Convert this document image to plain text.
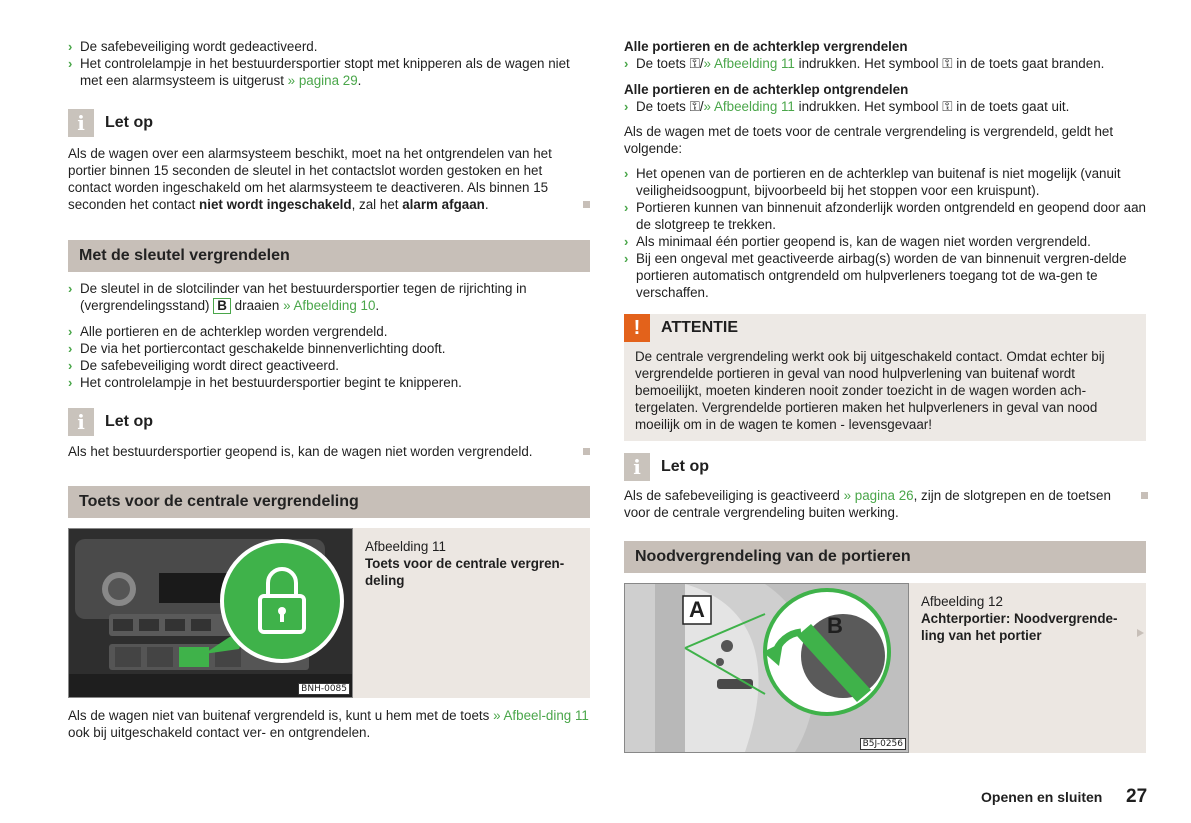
› De safebeveiliging wordt gedeactiveerd.
› Het controlelampje in het bestuurdersportier stopt met knipperen als de wagen niet met een alarmsysteem is uitgerust » pagina 29.
i	Let op

Als de wagen over een alarmsysteem beschikt, moet na het ontgrendelen van het portier binnen 15 seconden de sleutel in het contactslot worden gestoken en het contact worden ingeschakeld om het alarmsysteem te deactiveren. Als binnen 15 seconden het contact niet wordt ingeschakeld, zal het alarm afgaan.

Met de sleutel vergrendelen
› De sleutel in de slotcilinder van het bestuurdersportier tegen de rijrichting in (vergrendelingsstand) B draaien » Afbeelding 10.
› Alle portieren en de achterklep worden vergrendeld.
› De via het portiercontact geschakelde binnenverlichting dooft.
› De safebeveiliging wordt direct geactiveerd.
› Het controlelampje in het bestuurdersportier begint te knipperen.
i	Let op

Als het bestuurdersportier geopend is, kan de wagen niet worden vergrendeld.

Toets voor de centrale vergrendeling
BNH-0085
Afbeelding 11
Toets voor de centrale vergren-deling

Als de wagen niet van buitenaf vergrendeld is, kunt u hem met de toets » Afbeel-ding 11 ook bij uitgeschakeld contact ver- en ontgrendelen.

Alle portieren en de achterklep vergrendelen
› De toets ⚿/» Afbeelding 11 indrukken. Het symbool ⚿ in de toets gaat branden.
Alle portieren en de achterklep ontgrendelen
› De toets ⚿/» Afbeelding 11 indrukken. Het symbool ⚿ in de toets gaat uit.

Als de wagen met de toets voor de centrale vergrendeling is vergrendeld, geldt het volgende:

› Het openen van de portieren en de achterklep van buitenaf is niet mogelijk (vanuit veiligheidsoogpunt, bijvoorbeeld bij het stoppen voor een kruispunt).
› Portieren kunnen van binnenuit afzonderlijk worden ontgrendeld en geopend door aan de slotgreep te trekken.
› Als minimaal één portier geopend is, kan de wagen niet worden vergrendeld.
› Bij een ongeval met geactiveerde airbag(s) worden de van binnenuit vergren-delde portieren automatisch ontgrendeld om hulpverleners toegang tot de wa-gen te verschaffen.
!	ATTENTIE
De centrale vergrendeling werkt ook bij uitgeschakeld contact. Omdat echter bij vergrendelde portieren in geval van nood hulpverlening van buitenaf wordt bemoeilijkt, moeten kinderen nooit zonder toezicht in de wagen worden ach-tergelaten. Vergrendelde portieren maken het hulpverleners in geval van nood moeilijk om in de wagen te komen - levensgevaar!
i	Let op

Als de safebeveiliging is geactiveerd » pagina 26, zijn de slotgrepen en de toetsen voor de centrale vergrendeling buiten werking.

Noodvergrendeling van de portieren
A
B
B5J-0256
Afbeelding 12
Achterportier: Noodvergrende-ling van het portier
Openen en sluiten 27
